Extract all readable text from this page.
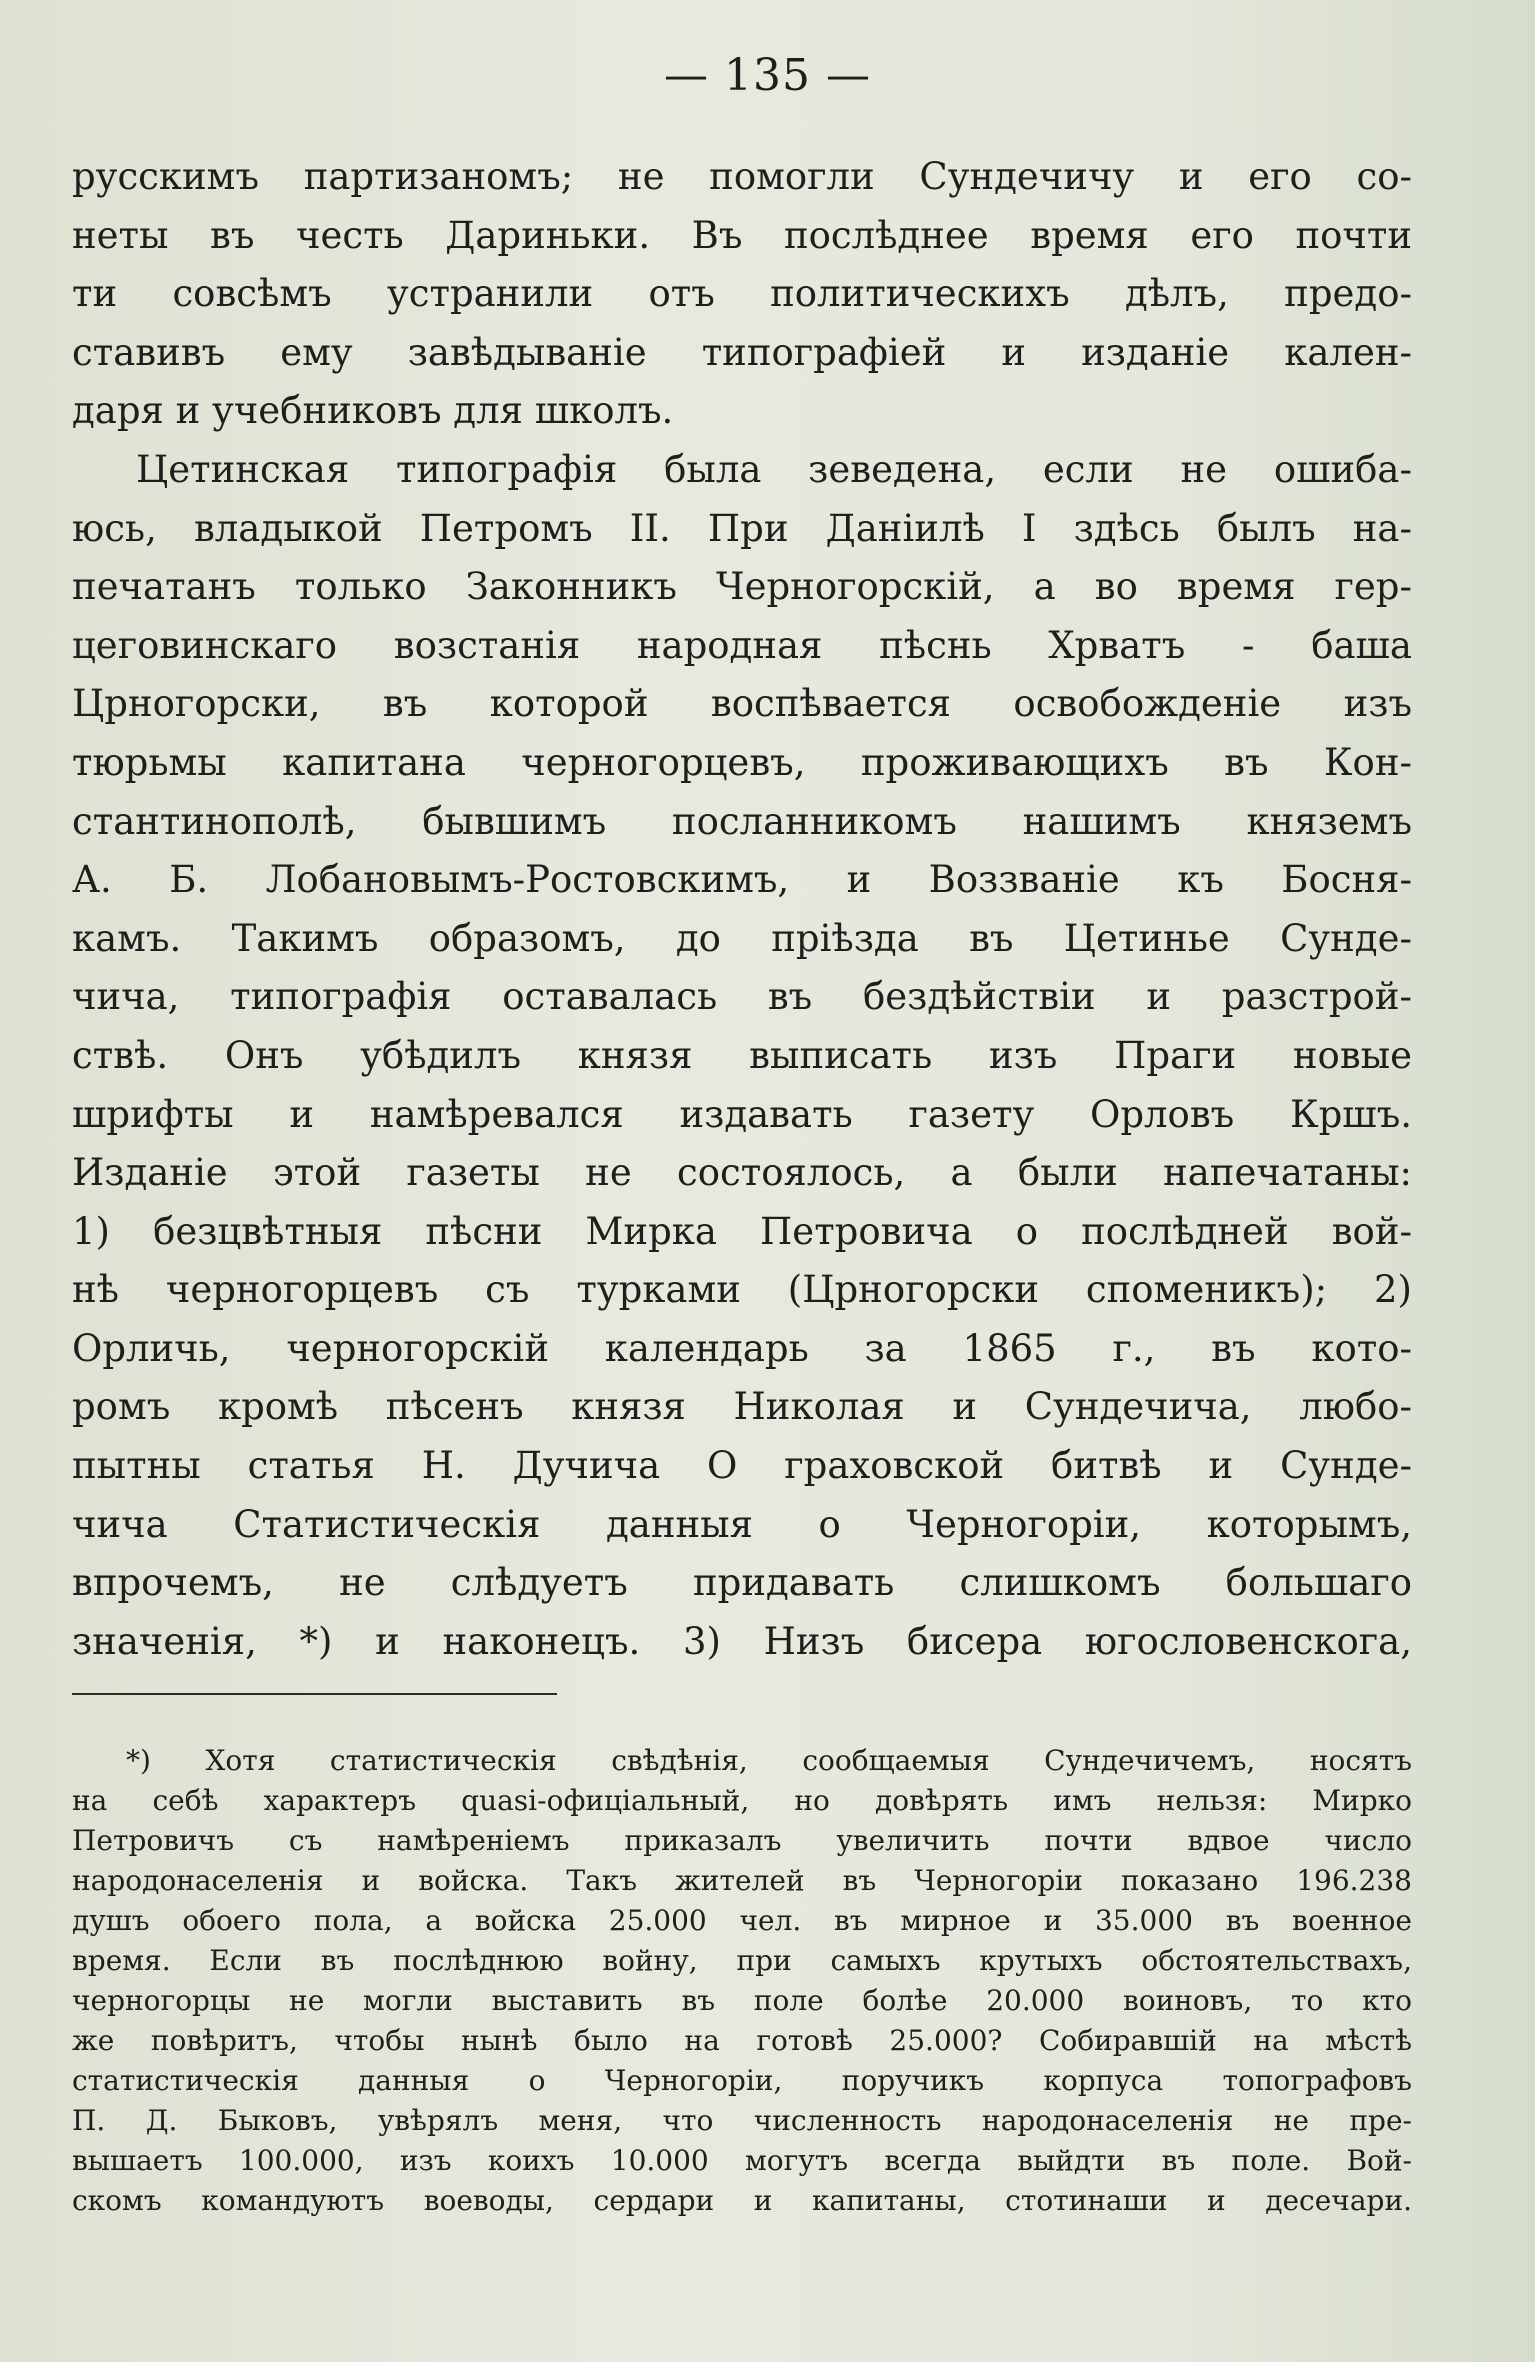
— 135 —
русскимъ партизаномъ; не помогли Сундечичу и его со-
неты въ честь Дариньки. Въ послѣднее время его почти
ти совсѣмъ устранили отъ политическихъ дѣлъ, предо-
ставивъ ему завѣдываніе типографіей и изданіе кален-
даря и учебниковъ для школъ.
Цетинская типографія была зеведена, если не ошиба-
юсь, владыкой Петромъ II. При Даніилѣ I здѣсь былъ на-
печатанъ только Законникъ Черногорскій, а во время гер-
цеговинскаго возстанія народная пѣснь Хрватъ - баша
Црногорски, въ которой воспѣвается освобожденіе изъ
тюрьмы капитана черногорцевъ, проживающихъ въ Кон-
стантинополѣ, бывшимъ посланникомъ нашимъ княземъ
А. Б. Лобановымъ-Ростовскимъ, и Воззваніе къ Босня-
камъ. Такимъ образомъ, до пріѣзда въ Цетинье Сунде-
чича, типографія оставалась въ бездѣйствіи и разстрой-
ствѣ. Онъ убѣдилъ князя выписать изъ Праги новые
шрифты и намѣревался издавать газету Орловъ Кршъ.
Изданіе этой газеты не состоялось, а были напечатаны:
1) безцвѣтныя пѣсни Мирка Петровича о послѣдней вой-
нѣ черногорцевъ съ турками (Црногорски споменикъ); 2)
Орличь, черногорскій календарь за 1865 г., въ кото-
ромъ кромѣ пѣсенъ князя Николая и Сундечича, любо-
пытны статья Н. Дучича О граховской битвѣ и Сунде-
чича Статистическія данныя о Черногоріи, которымъ,
впрочемъ, не слѣдуетъ придавать слишкомъ большаго
значенія, *) и наконецъ. 3) Низъ бисера югословенскога,
*) Хотя статистическія свѣдѣнія, сообщаемыя Сундечичемъ, носятъ
на себѣ характеръ quasi-офиціальный, но довѣрять имъ нельзя: Мирко
Петровичъ съ намѣреніемъ приказалъ увеличить почти вдвое число
народонаселенія и войска. Такъ жителей въ Черногоріи показано 196.238
душъ обоего пола, а войска 25.000 чел. въ мирное и 35.000 въ военное
время. Если въ послѣднюю войну, при самыхъ крутыхъ обстоятельствахъ,
черногорцы не могли выставить въ поле болѣе 20.000 воиновъ, то кто
же повѣритъ, чтобы нынѣ было на готовѣ 25.000? Собиравшій на мѣстѣ
статистическія данныя о Черногоріи, поручикъ корпуса топографовъ
П. Д. Быковъ, увѣрялъ меня, что численность народонаселенія не пре-
вышаетъ 100.000, изъ коихъ 10.000 могутъ всегда выйдти въ поле. Вой-
скомъ командуютъ воеводы, сердари и капитаны, стотинаши и десечари.
